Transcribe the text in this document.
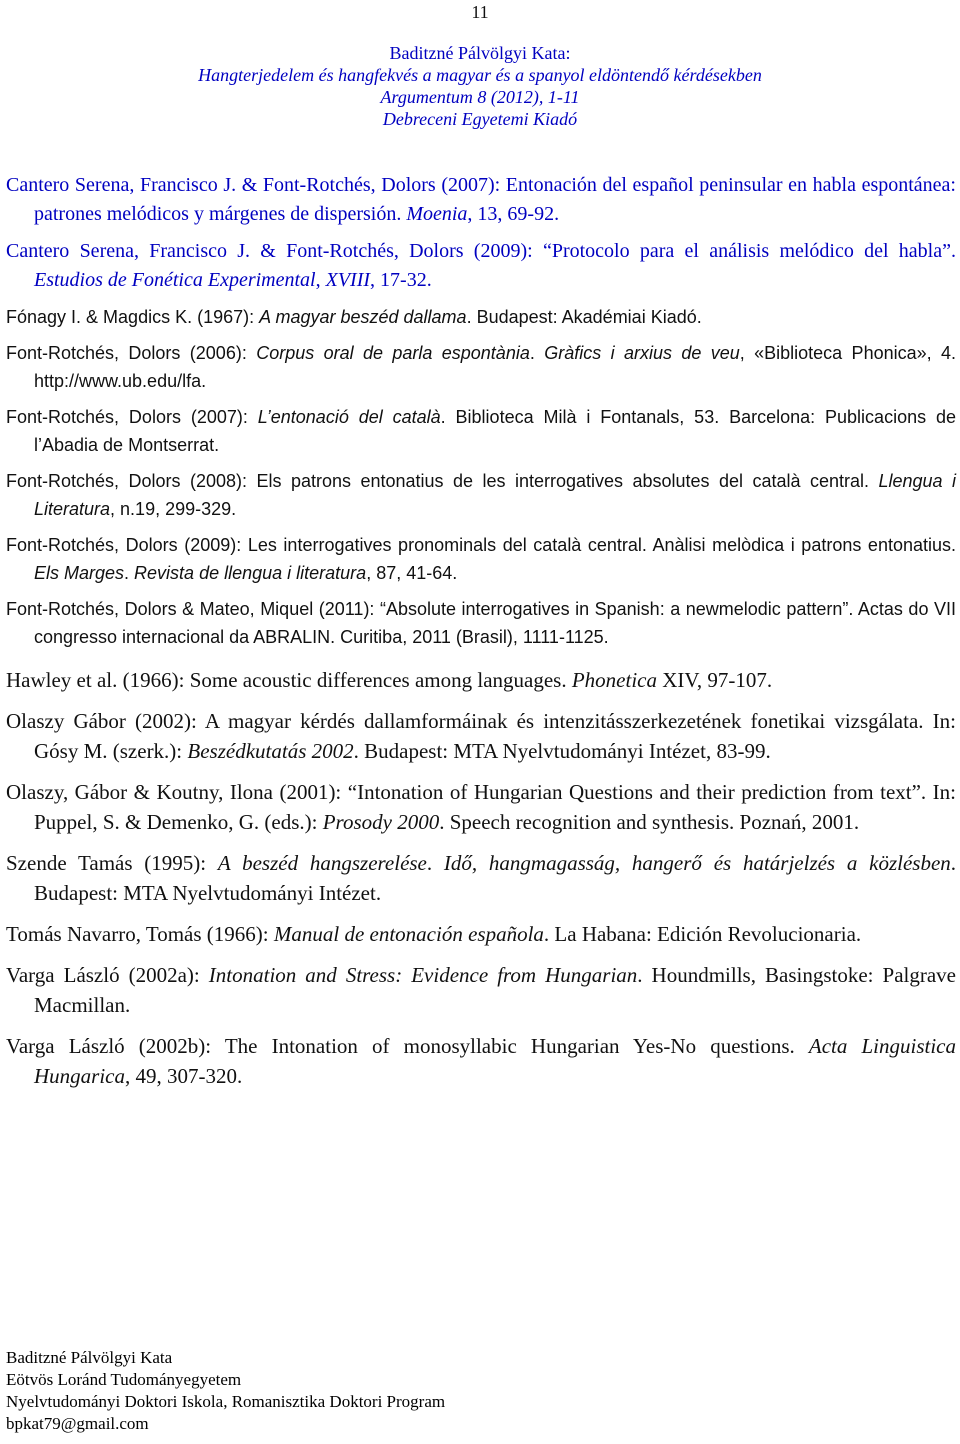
11
Baditzné Pálvölgyi Kata:
Hangterjedelem és hangfekvés a magyar és a spanyol eldöntendő kérdésekben
Argumentum 8 (2012), 1-11
Debreceni Egyetemi Kiadó

Cantero Serena, Francisco J. & Font-Rotchés, Dolors (2007): Entonación del español peninsular en habla espontánea: patrones melódicos y márgenes de dispersión. Moenia, 13, 69-92.

Cantero Serena, Francisco J. & Font-Rotchés, Dolors (2009): “Protocolo para el análisis melódico del habla”. Estudios de Fonética Experimental, XVIII, 17-32.

Fónagy I. & Magdics K. (1967): A magyar beszéd dallama. Budapest: Akadémiai Kiadó.

Font-Rotchés, Dolors (2006): Corpus oral de parla espontània. Gràfics i arxius de veu, «Biblioteca Phonica», 4. http://www.ub.edu/lfa.

Font-Rotchés, Dolors (2007): L’entonació del català. Biblioteca Milà i Fontanals, 53. Barcelona: Publicacions de l’Abadia de Montserrat.

Font-Rotchés, Dolors (2008): Els patrons entonatius de les interrogatives absolutes del català central. Llengua i Literatura, n.19, 299-329.

Font-Rotchés, Dolors (2009): Les interrogatives pronominals del català central. Anàlisi melòdica i patrons entonatius. Els Marges. Revista de llengua i literatura, 87, 41-64.

Font-Rotchés, Dolors & Mateo, Miquel (2011): “Absolute interrogatives in Spanish: a newmelodic pattern”. Actas do VII congresso internacional da ABRALIN. Curitiba, 2011 (Brasil), 1111-1125.

Hawley et al. (1966): Some acoustic differences among languages. Phonetica XIV, 97-107.

Olaszy Gábor (2002): A magyar kérdés dallamformáinak és intenzitásszerkezetének fonetikai vizsgálata. In: Gósy M. (szerk.): Beszédkutatás 2002. Budapest: MTA Nyelvtudományi Intézet, 83-99.

Olaszy, Gábor & Koutny, Ilona (2001): “Intonation of Hungarian Questions and their prediction from text”. In: Puppel, S. & Demenko, G. (eds.): Prosody 2000. Speech recognition and synthesis. Poznań, 2001.

Szende Tamás (1995): A beszéd hangszerelése. Idő, hangmagasság, hangerő és határjelzés a közlésben. Budapest: MTA Nyelvtudományi Intézet.

Tomás Navarro, Tomás (1966): Manual de entonación española. La Habana: Edición Revolucionaria.

Varga László (2002a): Intonation and Stress: Evidence from Hungarian. Houndmills, Basingstoke: Palgrave Macmillan.

Varga László (2002b): The Intonation of monosyllabic Hungarian Yes-No questions. Acta Linguistica Hungarica, 49, 307-320.

Baditzné Pálvölgyi Kata
Eötvös Loránd Tudományegyetem
Nyelvtudományi Doktori Iskola, Romanisztika Doktori Program
bpkat79@gmail.com
